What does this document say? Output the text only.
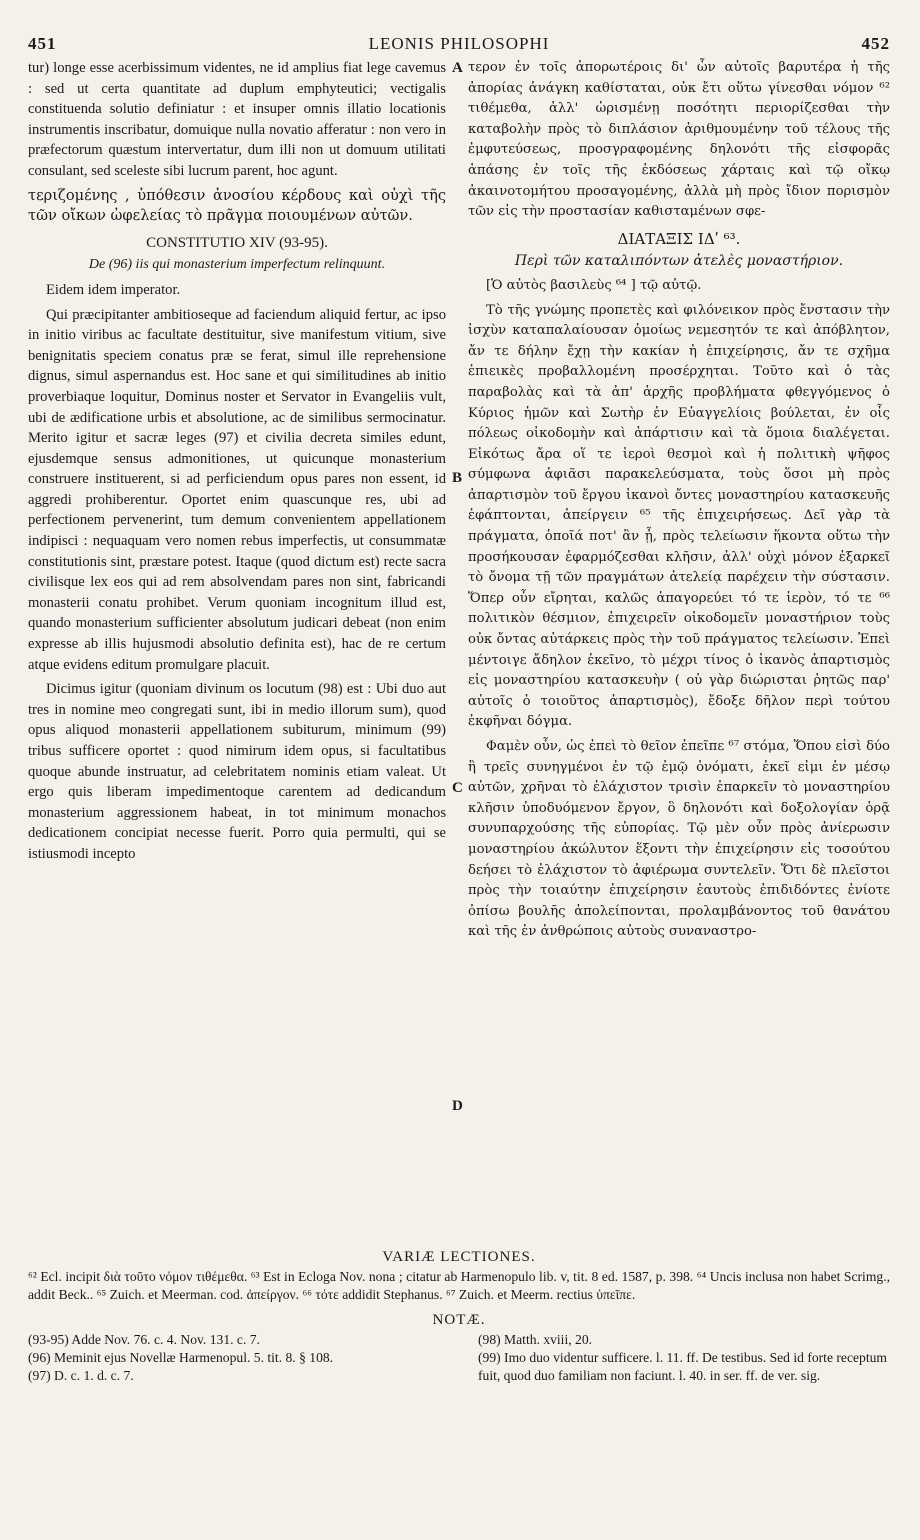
451	LEONIS PHILOSOPHI	452
A
B
C
D

tur) longe esse acerbissimum videntes, ne id amplius fiat lege cavemus : sed ut certa quantitate ad duplum emphyteutici; vectigalis constituenda solutio definiatur : et insuper omnis illatio locationis instrumentis inscribatur, domuique nulla novatio afferatur : non vero in præfectorum quæstum intervertatur, dum illi non ut domuum utilitati consulant, sed sceleste sibi lucrum parent, hoc agunt.

τεριζομένης , ὑπόθεσιν ἀνοσίου κέρδους καὶ οὐχὶ τῆς τῶν οἴκων ὠφελείας τὸ πρᾶγμα ποιουμένων αὐτῶν.

CONSTITUTIO XIV (93-95).
De (96) iis qui monasterium imperfectum relinquunt.

Eidem idem imperator.

Qui præcipitanter ambitioseque ad faciendum aliquid fertur, ac ipso in initio viribus ac facultate destituitur, sive manifestum vitium, sive benignitatis speciem conatus præ se ferat, simul ille reprehensione dignus, simul aspernandus est. Hoc sane et qui similitudines ab initio proverbiaque loquitur, Dominus noster et Servator in Evangeliis vult, ubi de ædificatione urbis et absolutione, ac de similibus sermocinatur. Merito igitur et sacræ leges (97) et civilia decreta similes edunt, ejusdemque sensus admonitiones, ut quicunque monasterium construere instituerent, si ad perficiendum opus pares non essent, id aggredi prohiberentur. Oportet enim quascunque res, ubi ad perfectionem pervenerint, tum demum convenientem appellationem indipisci : nequaquam vero nomen rebus imperfectis, ut consummatæ constitutionis sint, præstare potest. Itaque (quod dictum est) recte sacra civilisque lex eos qui ad rem absolvendam pares non sint, fabricandi monasterii conatu prohibet. Verum quoniam incognitum illud est, quando monasterium sufficienter absolutum judicari debeat (non enim expresse ab illis hujusmodi absolutio definita est), hac de re certum atque evidens editum promulgare placuit.

Dicimus igitur (quoniam divinum os locutum (98) est : Ubi duo aut tres in nomine meo congregati sunt, ibi in medio illorum sum), quod opus aliquod monasterii appellationem subiturum, minimum (99) tribus sufficere oportet : quod nimirum idem opus, si facultatibus quoque abunde instruatur, ad celebritatem nominis etiam valeat. Ut ergo quis liberam impedimentoque carentem ad dedicandum monasterium aggressionem habeat, in tot minimum monachos dedicationem concipiat necesse fuerit. Porro quia permulti, qui se istiusmodi incepto

τερον ἐν τοῖς ἀπορωτέροις δι' ὧν αὐτοῖς βαρυτέρα ἡ τῆς ἀπορίας ἀνάγκη καθίσταται, οὐκ ἔτι οὕτω γίνεσθαι νόμον ⁶² τιθέμεθα, ἀλλ' ὡρισμένῃ ποσότητι περιορίζεσθαι τὴν καταβολὴν πρὸς τὸ διπλάσιον ἀριθμουμένην τοῦ τέλους τῆς ἐμφυτεύσεως, προσγραφομένης δηλονότι τῆς εἰσφορᾶς ἁπάσης ἐν τοῖς τῆς ἐκδόσεως χάρταις καὶ τῷ οἴκῳ ἀκαινοτομήτου προσαγομένης, ἀλλὰ μὴ πρὸς ἴδιον πορισμὸν τῶν εἰς τὴν προστασίαν καθισταμένων σφε-

ΔΙΑΤΑΞΙΣ ΙΔʹ ⁶³.
Περὶ τῶν καταλιπόντων ἀτελὲς μοναστήριον.

[Ὁ αὐτὸς βασιλεὺς ⁶⁴ ] τῷ αὐτῷ.

Τὸ τῆς γνώμης προπετὲς καὶ φιλόνεικον πρὸς ἔνστασιν τὴν ἰσχὺν καταπαλαίουσαν ὁμοίως νεμεσητόν τε καὶ ἀπόβλητον, ἄν τε δήλην ἔχῃ τὴν κακίαν ἡ ἐπιχείρησις, ἄν τε σχῆμα ἐπιεικὲς προβαλλομένη προσέρχηται. Τοῦτο καὶ ὁ τὰς παραβολὰς καὶ τὰ ἀπ' ἀρχῆς προβλήματα φθεγγόμενος ὁ Κύριος ἡμῶν καὶ Σωτὴρ ἐν Εὐαγγελίοις βούλεται, ἐν οἷς πόλεως οἰκοδομὴν καὶ ἀπάρτισιν καὶ τὰ ὅμοια διαλέγεται. Εἰκότως ἄρα οἵ τε ἱεροὶ θεσμοὶ καὶ ἡ πολιτικὴ ψῆφος σύμφωνα ἀφιᾶσι παρακελεύσματα, τοὺς ὅσοι μὴ πρὸς ἀπαρτισμὸν τοῦ ἔργου ἱκανοὶ ὄντες μοναστηρίου κατασκευῆς ἐφάπτονται, ἀπείργειν ⁶⁵ τῆς ἐπιχειρήσεως. Δεῖ γὰρ τὰ πράγματα, ὁποῖά ποτ' ἂν ᾖ, πρὸς τελείωσιν ἥκοντα οὕτω τὴν προσήκουσαν ἐφαρμόζεσθαι κλῆσιν, ἀλλ' οὐχὶ μόνον ἐξαρκεῖ τὸ ὄνομα τῇ τῶν πραγμάτων ἀτελείᾳ παρέχειν τὴν σύστασιν. Ὅπερ οὖν εἴρηται, καλῶς ἀπαγορεύει τό τε ἱερὸν, τό τε ⁶⁶ πολιτικὸν θέσμιον, ἐπιχειρεῖν οἰκοδομεῖν μοναστήριον τοὺς οὐκ ὄντας αὐτάρκεις πρὸς τὴν τοῦ πράγματος τελείωσιν. Ἐπεὶ μέντοιγε ἄδηλον ἐκεῖνο, τὸ μέχρι τίνος ὁ ἱκανὸς ἀπαρτισμὸς εἰς μοναστηρίου κατασκευὴν ( οὐ γὰρ διώρισται ῥητῶς παρ' αὐτοῖς ὁ τοιοῦτος ἀπαρτισμὸς), ἔδοξε δῆλον περὶ τούτου ἐκφῆναι δόγμα.

Φαμὲν οὖν, ὡς ἐπεὶ τὸ θεῖον ἐπεῖπε ⁶⁷ στόμα, Ὅπου εἰσὶ δύο ἢ τρεῖς συνηγμένοι ἐν τῷ ἐμῷ ὀνόματι, ἐκεῖ εἰμι ἐν μέσῳ αὐτῶν, χρῆναι τὸ ἐλάχιστον τρισὶν ἐπαρκεῖν τὸ μοναστηρίου κλῆσιν ὑποδυόμενον ἔργον, ὃ δηλονότι καὶ δοξολογίαν ὁρᾷ συνυπαρχούσης τῆς εὐπορίας. Τῷ μὲν οὖν πρὸς ἀνίερωσιν μοναστηρίου ἀκώλυτον ἕξοντι τὴν ἐπιχείρησιν εἰς τοσούτου δεήσει τὸ ἐλάχιστον τὸ ἀφιέρωμα συντελεῖν. Ὅτι δὲ πλεῖστοι πρὸς τὴν τοιαύτην ἐπιχείρησιν ἑαυτοὺς ἐπιδιδόντες ἐνίοτε ὀπίσω βουλῆς ἀπολείπονται, προλαμβάνοντος τοῦ θανάτου καὶ τῆς ἐν ἀνθρώποις αὐτοὺς συναναστρο-

VARIÆ LECTIONES.
⁶² Ecl. incipit διὰ τοῦτο νόμον τιθέμεθα. ⁶³ Est in Ecloga Nov. nona ; citatur ab Harmenopulo lib. v, tit. 8 ed. 1587, p. 398. ⁶⁴ Uncis inclusa non habet Scrimg., addit Beck.. ⁶⁵ Zuich. et Meerman. cod. ἀπείργον. ⁶⁶ τότε addidit Stephanus. ⁶⁷ Zuich. et Meerm. rectius ὑπεῖπε.
NOTÆ.
(93-95) Adde Nov. 76. c. 4. Nov. 131. c. 7.
(96) Meminit ejus Novellæ Harmenopul. 5. tit. 8. § 108.
(97) D. c. 1. d. c. 7.
(98) Matth. xviii, 20.
(99) Imo duo videntur sufficere. l. 11. ff. De testibus. Sed id forte receptum fuit, quod duo familiam non faciunt. l. 40. in ser. ff. de ver. sig.
